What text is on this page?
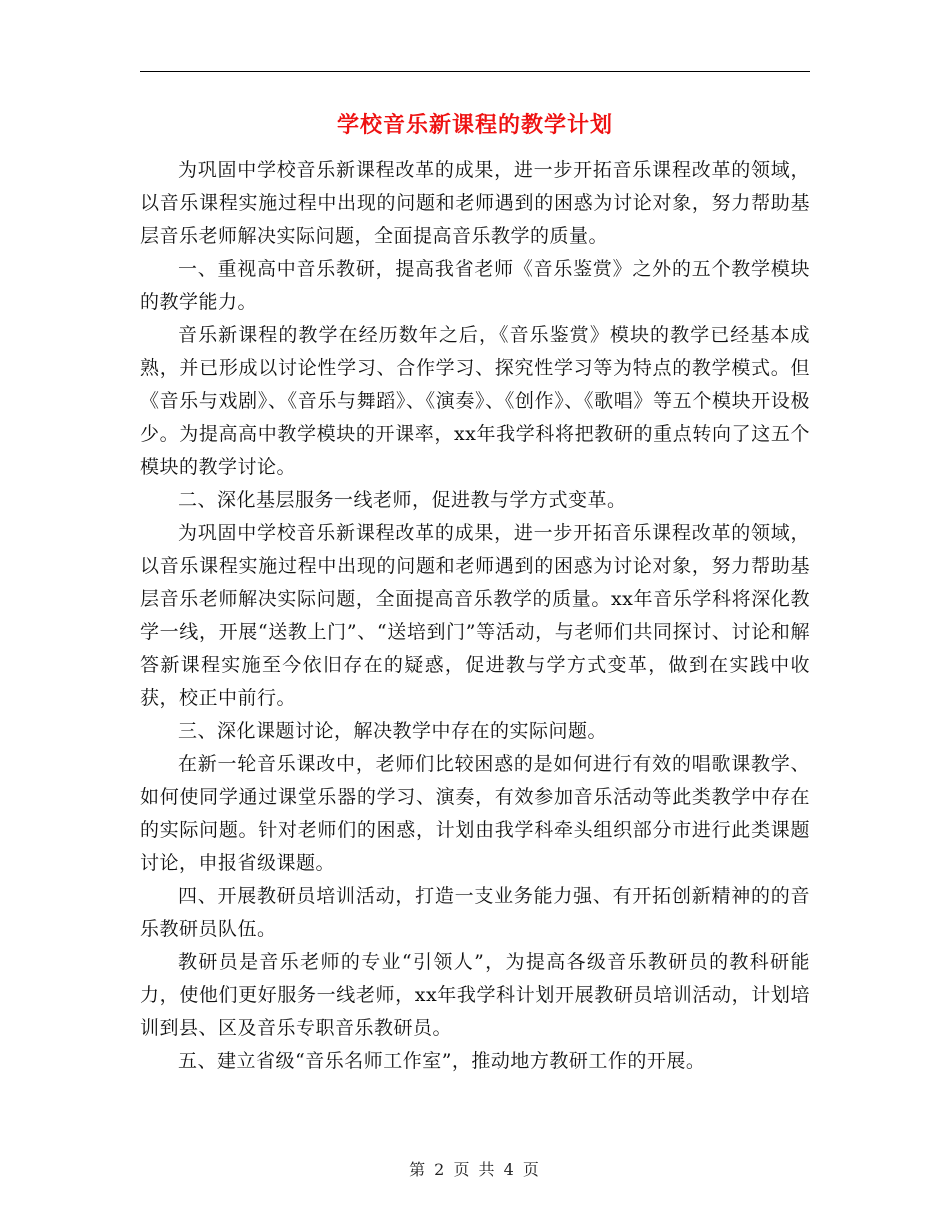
学校音乐新课程的教学计划

为巩固中学校音乐新课程改革的成果，进一步开拓音乐课程改革的领域，以音乐课程实施过程中出现的问题和老师遇到的困惑为讨论对象，努力帮助基层音乐老师解决实际问题，全面提高音乐教学的质量。

一、重视高中音乐教研，提高我省老师《音乐鉴赏》之外的五个教学模块的教学能力。

音乐新课程的教学在经历数年之后，《音乐鉴赏》模块的教学已经基本成熟，并已形成以讨论性学习、合作学习、探究性学习等为特点的教学模式。但《音乐与戏剧》、《音乐与舞蹈》、《演奏》、《创作》、《歌唱》等五个模块开设极少。为提高高中教学模块的开课率，xx年我学科将把教研的重点转向了这五个模块的教学讨论。

二、深化基层服务一线老师，促进教与学方式变革。

为巩固中学校音乐新课程改革的成果，进一步开拓音乐课程改革的领域，以音乐课程实施过程中出现的问题和老师遇到的困惑为讨论对象，努力帮助基层音乐老师解决实际问题，全面提高音乐教学的质量。xx年音乐学科将深化教学一线，开展“送教上门”、“送培到门”等活动，与老师们共同探讨、讨论和解答新课程实施至今依旧存在的疑惑，促进教与学方式变革，做到在实践中收获，校正中前行。

三、深化课题讨论，解决教学中存在的实际问题。

在新一轮音乐课改中，老师们比较困惑的是如何进行有效的唱歌课教学、如何使同学通过课堂乐器的学习、演奏，有效参加音乐活动等此类教学中存在的实际问题。针对老师们的困惑，计划由我学科牵头组织部分市进行此类课题讨论，申报省级课题。

四、开展教研员培训活动，打造一支业务能力强、有开拓创新精神的的音乐教研员队伍。

教研员是音乐老师的专业“引领人”，为提高各级音乐教研员的教科研能力，使他们更好服务一线老师，xx年我学科计划开展教研员培训活动，计划培训到县、区及音乐专职音乐教研员。

五、建立省级“音乐名师工作室”，推动地方教研工作的开展。

第 2 页 共 4 页
